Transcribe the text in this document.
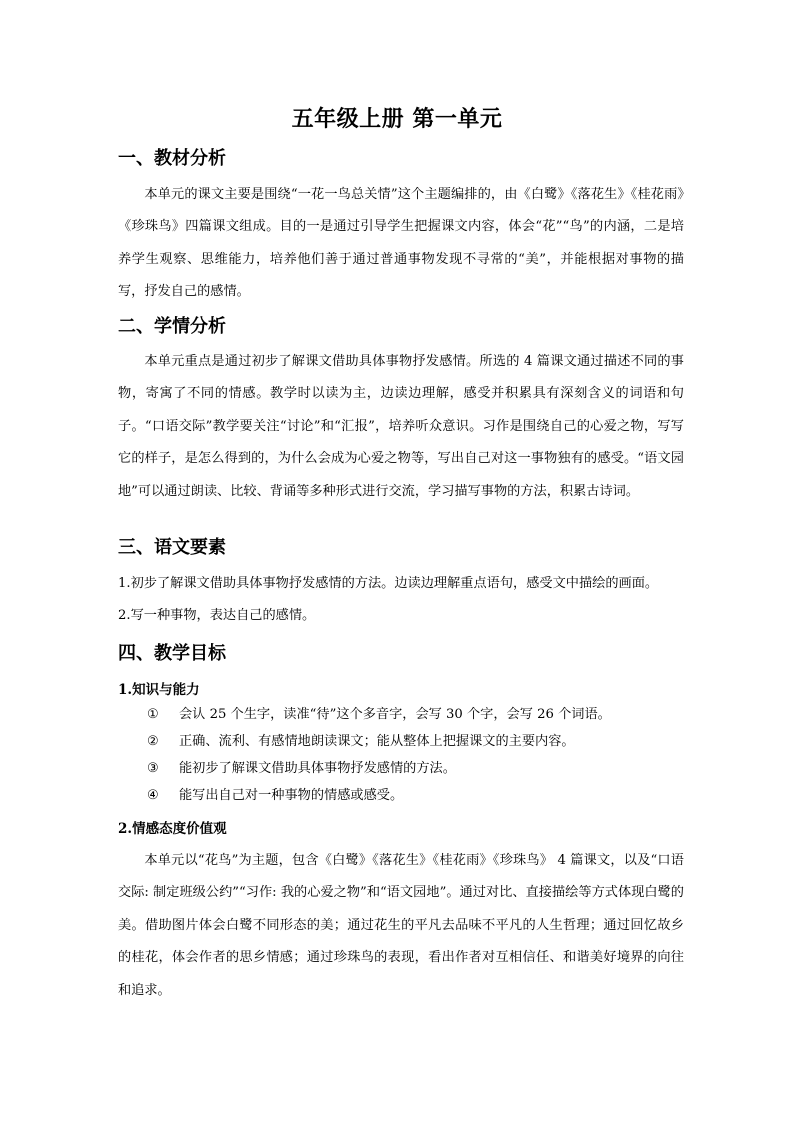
五年级上册 第一单元
一、教材分析

本单元的课文主要是围绕“一花一鸟总关情”这个主题编排的，由《白鹭》《落花生》《桂花雨》《珍珠鸟》四篇课文组成。目的一是通过引导学生把握课文内容，体会“花”“鸟”的内涵，二是培养学生观察、思维能力，培养他们善于通过普通事物发现不寻常的“美”，并能根据对事物的描写，抒发自己的感情。

二、学情分析

本单元重点是通过初步了解课文借助具体事物抒发感情。所选的 4 篇课文通过描述不同的事物，寄寓了不同的情感。教学时以读为主，边读边理解，感受并积累具有深刻含义的词语和句子。“口语交际”教学要关注“讨论”和“汇报”，培养听众意识。习作是围绕自己的心爱之物，写写它的样子，是怎么得到的，为什么会成为心爱之物等，写出自己对这一事物独有的感受。“语文园地”可以通过朗读、比较、背诵等多种形式进行交流，学习描写事物的方法，积累古诗词。

三、语文要素
1.初步了解课文借助具体事物抒发感情的方法。边读边理解重点语句，感受文中描绘的画面。
2.写一种事物，表达自己的感情。
四、教学目标
1.知识与能力
① 会认 25 个生字，读准“待”这个多音字，会写 30 个字，会写 26 个词语。
② 正确、流利、有感情地朗读课文；能从整体上把握课文的主要内容。
③ 能初步了解课文借助具体事物抒发感情的方法。
④ 能写出自己对一种事物的情感或感受。
2.情感态度价值观

本单元以“花鸟”为主题，包含《白鹭》《落花生》《桂花雨》《珍珠鸟》 4 篇课文，以及“口语交际: 制定班级公约”“习作: 我的心爱之物”和“语文园地”。通过对比、直接描绘等方式体现白鹭的美。借助图片体会白鹭不同形态的美；通过花生的平凡去品味不平凡的人生哲理；通过回忆故乡的桂花，体会作者的思乡情感；通过珍珠鸟的表现，看出作者对互相信任、和谐美好境界的向往和追求。
